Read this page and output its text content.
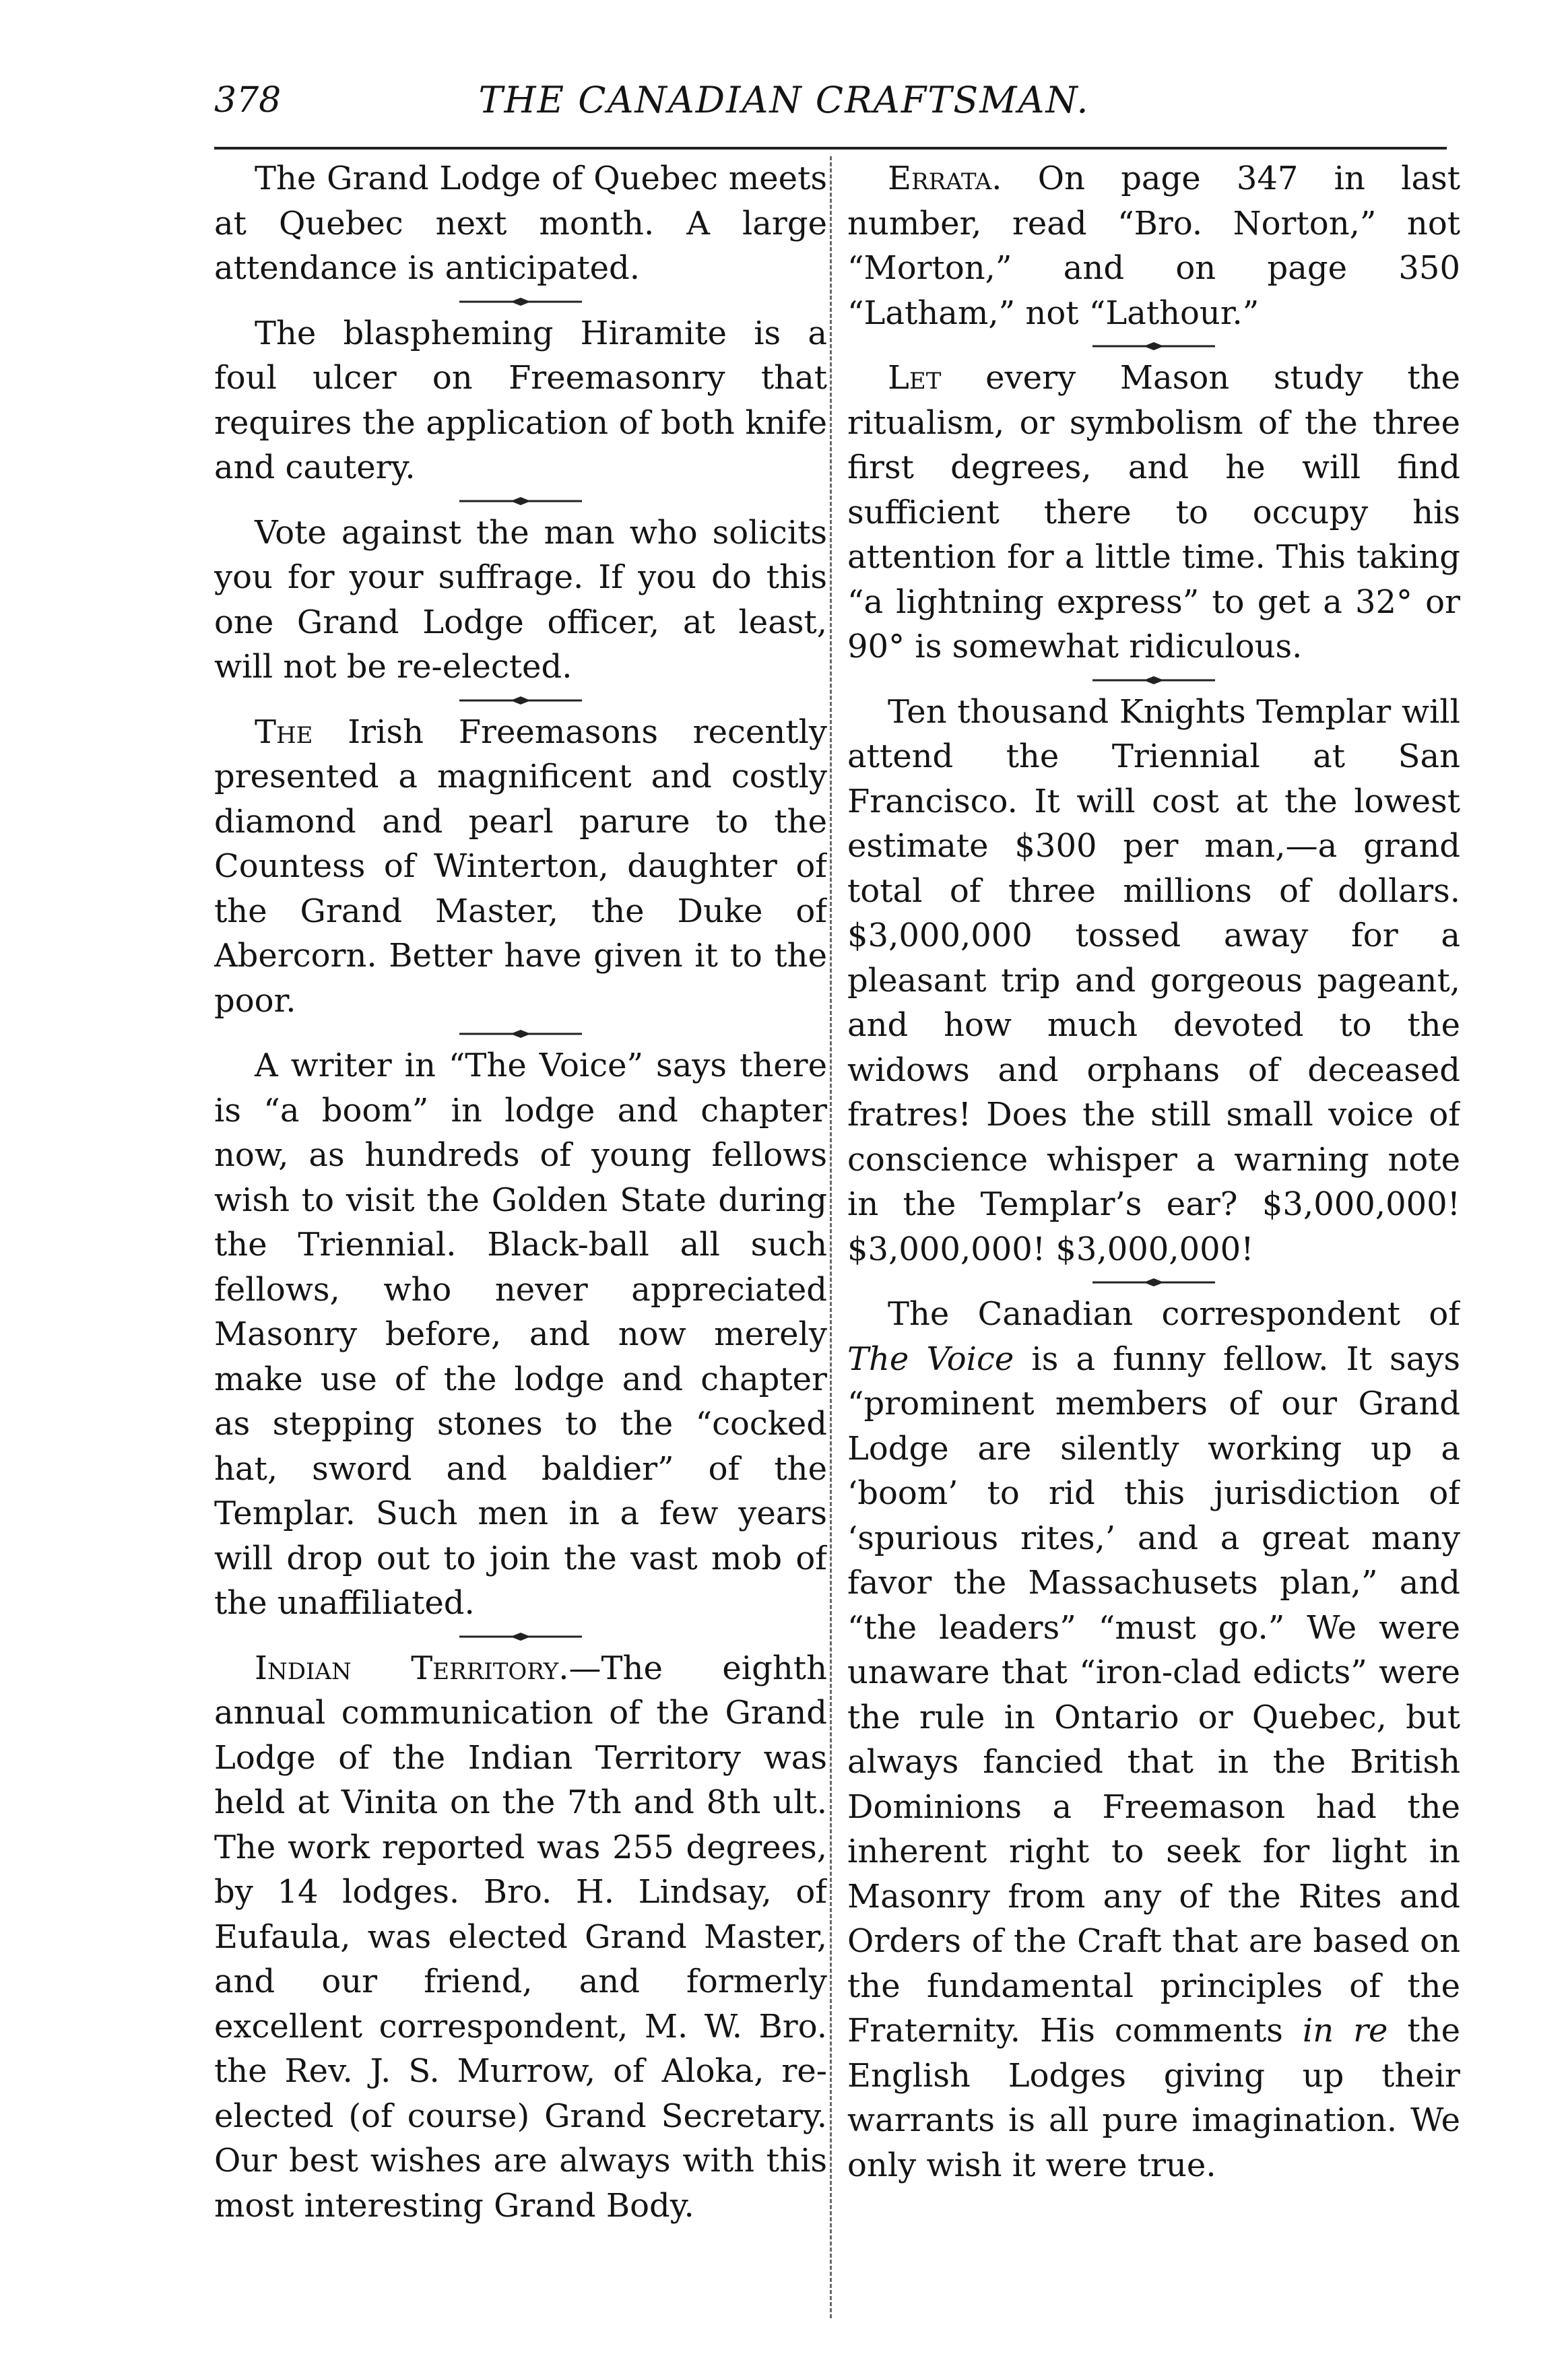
378	THE CANADIAN CRAFTSMAN.

The Grand Lodge of Quebec meets at Quebec next month. A large attendance is anticipated.

The blaspheming Hiramite is a foul ulcer on Freemasonry that requires the application of both knife and cautery.

Vote against the man who solicits you for your suffrage. If you do this one Grand Lodge officer, at least, will not be re-elected.

The Irish Freemasons recently presented a magnificent and costly diamond and pearl parure to the Countess of Winterton, daughter of the Grand Master, the Duke of Abercorn. Better have given it to the poor.

A writer in “The Voice” says there is “a boom” in lodge and chapter now, as hundreds of young fellows wish to visit the Golden State during the Triennial. Black-ball all such fellows, who never appreciated Masonry before, and now merely make use of the lodge and chapter as stepping stones to the “cocked hat, sword and baldier” of the Templar. Such men in a few years will drop out to join the vast mob of the unaffiliated.

Indian Territory.—The eighth annual communication of the Grand Lodge of the Indian Territory was held at Vinita on the 7th and 8th ult. The work reported was 255 degrees, by 14 lodges. Bro. H. Lindsay, of Eufaula, was elected Grand Master, and our friend, and formerly excellent correspondent, M. W. Bro. the Rev. J. S. Murrow, of Aloka, re-elected (of course) Grand Secretary. Our best wishes are always with this most interesting Grand Body.

Errata. On page 347 in last number, read “Bro. Norton,” not “Morton,” and on page 350 “Latham,” not “Lathour.”

Let every Mason study the ritualism, or symbolism of the three first degrees, and he will find sufficient there to occupy his attention for a little time. This taking “a lightning express” to get a 32° or 90° is somewhat ridiculous.

Ten thousand Knights Templar will attend the Triennial at San Francisco. It will cost at the lowest estimate $300 per man,—a grand total of three millions of dollars. $3,000,000 tossed away for a pleasant trip and gorgeous pageant, and how much devoted to the widows and orphans of deceased fratres! Does the still small voice of conscience whisper a warning note in the Templar’s ear? $3,000,000! $3,000,000! $3,000,000!

The Canadian correspondent of The Voice is a funny fellow. It says “prominent members of our Grand Lodge are silently working up a ‘boom’ to rid this jurisdiction of ‘spurious rites,’ and a great many favor the Massachusets plan,” and “the leaders” “must go.” We were unaware that “iron-clad edicts” were the rule in Ontario or Quebec, but always fancied that in the British Dominions a Freemason had the inherent right to seek for light in Masonry from any of the Rites and Orders of the Craft that are based on the fundamental principles of the Fraternity. His comments in re the English Lodges giving up their warrants is all pure imagination. We only wish it were true.
